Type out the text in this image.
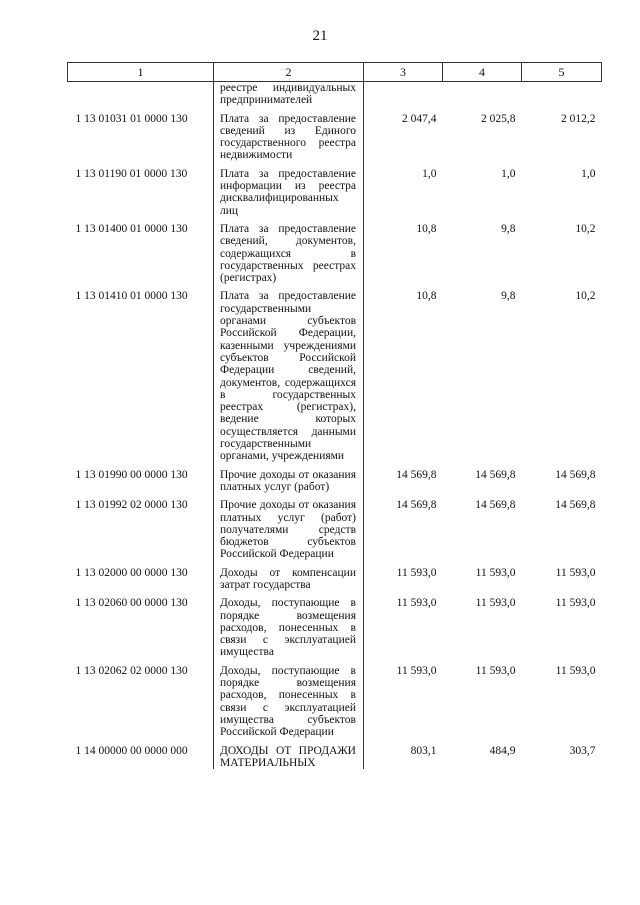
21
1	2	3	4	5
	реестре индивидуальных предпринимателей			
1 13 01031 01 0000 130	Плата за предоставление сведений из Единого государственного реестра недвижимости	2 047,4	2 025,8	2 012,2
1 13 01190 01 0000 130	Плата за предоставление информации из реестра дисквалифицированных лиц	1,0	1,0	1,0
1 13 01400 01 0000 130	Плата за предоставление сведений, документов, содержащихся в государственных реестрах (регистрах)	10,8	9,8	10,2
1 13 01410 01 0000 130	Плата за предоставление государственными органами субъектов Российской Федерации, казенными учреждениями субъектов Российской Федерации сведений, документов, содержащихся в государственных реестрах (регистрах), ведение которых осуществляется данными государственными органами, учреждениями	10,8	9,8	10,2
1 13 01990 00 0000 130	Прочие доходы от оказания платных услуг (работ)	14 569,8	14 569,8	14 569,8
1 13 01992 02 0000 130	Прочие доходы от оказания платных услуг (работ) получателями средств бюджетов субъектов Российской Федерации	14 569,8	14 569,8	14 569,8
1 13 02000 00 0000 130	Доходы от компенсации затрат государства	11 593,0	11 593,0	11 593,0
1 13 02060 00 0000 130	Доходы, поступающие в порядке возмещения расходов, понесенных в связи с эксплуатацией имущества	11 593,0	11 593,0	11 593,0
1 13 02062 02 0000 130	Доходы, поступающие в порядке возмещения расходов, понесенных в связи с эксплуатацией имущества субъектов Российской Федерации	11 593,0	11 593,0	11 593,0
1 14 00000 00 0000 000	ДОХОДЫ ОТ ПРОДАЖИ МАТЕРИАЛЬНЫХ	803,1	484,9	303,7
